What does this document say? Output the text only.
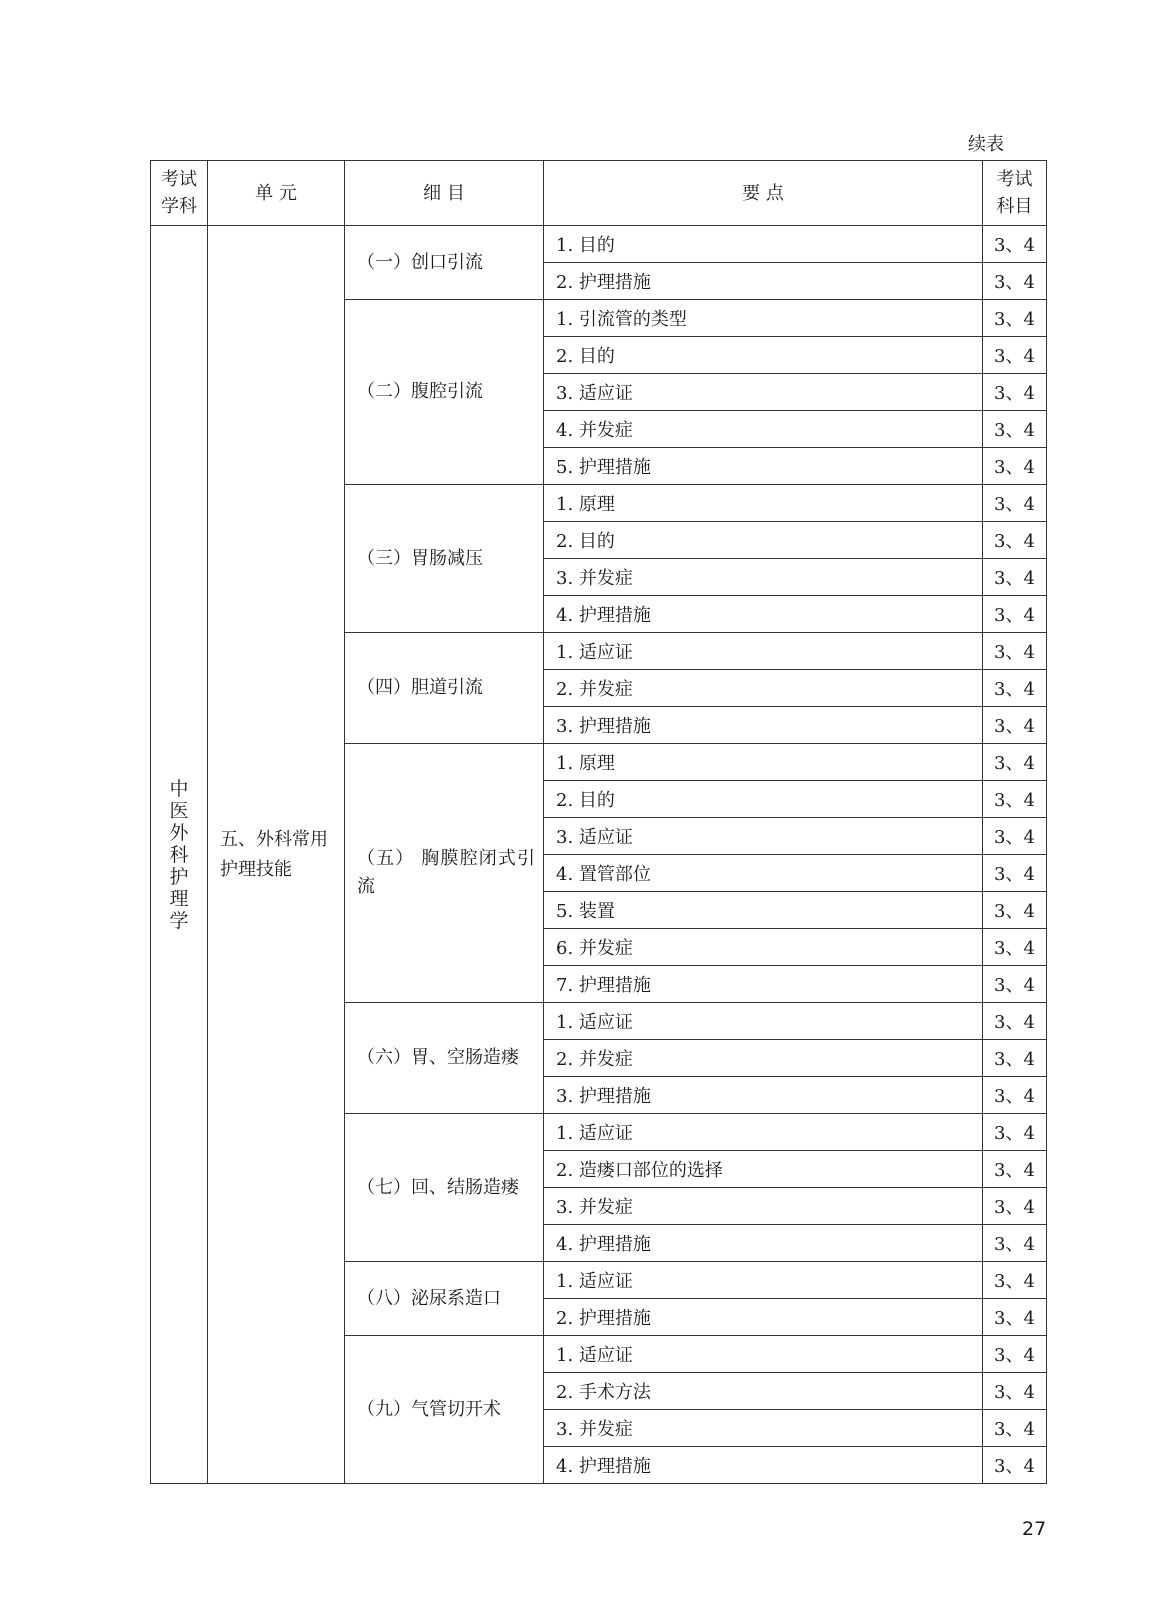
续表
考试学科	单 元	细 目	要 点	考试科目
中医外科护理学	五、外科常用护理技能	（一）创口引流	1. 目的	3、4
			2. 护理措施	3、4
		（二）腹腔引流	1. 引流管的类型	3、4
			2. 目的	3、4
			3. 适应证	3、4
			4. 并发症	3、4
			5. 护理措施	3、4
		（三）胃肠减压	1. 原理	3、4
			2. 目的	3、4
			3. 并发症	3、4
			4. 护理措施	3、4
		（四）胆道引流	1. 适应证	3、4
			2. 并发症	3、4
			3. 护理措施	3、4
		（五） 胸膜腔闭式引流	1. 原理	3、4
			2. 目的	3、4
			3. 适应证	3、4
			4. 置管部位	3、4
			5. 装置	3、4
			6. 并发症	3、4
			7. 护理措施	3、4
		（六）胃、空肠造瘘	1. 适应证	3、4
			2. 并发症	3、4
			3. 护理措施	3、4
		（七）回、结肠造瘘	1. 适应证	3、4
			2. 造瘘口部位的选择	3、4
			3. 并发症	3、4
			4. 护理措施	3、4
		（八）泌尿系造口	1. 适应证	3、4
			2. 护理措施	3、4
		（九）气管切开术	1. 适应证	3、4
			2. 手术方法	3、4
			3. 并发症	3、4
			4. 护理措施	3、4
27
